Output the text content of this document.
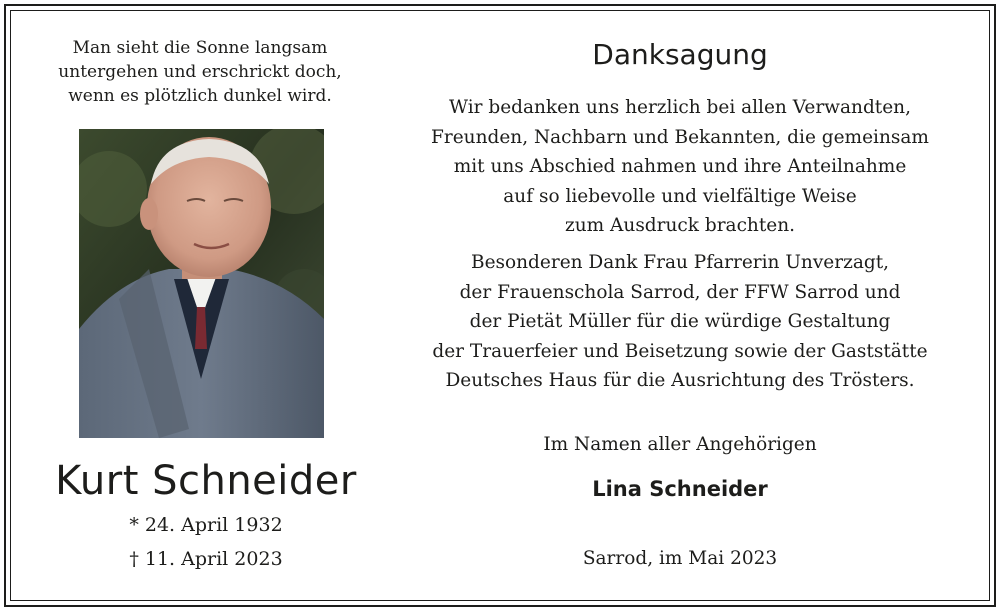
Man sieht die Sonne langsam
untergehen und erschrickt doch,
wenn es plötzlich dunkel wird.
Kurt Schneider
* 24. April 1932
† 11. April 2023
Danksagung
Wir bedanken uns herzlich bei allen Verwandten,
Freunden, Nachbarn und Bekannten, die gemeinsam
mit uns Abschied nahmen und ihre Anteilnahme
auf so liebevolle und vielfältige Weise
zum Ausdruck brachten.
Besonderen Dank Frau Pfarrerin Unverzagt,
der Frauenschola Sarrod, der FFW Sarrod und
der Pietät Müller für die würdige Gestaltung
der Trauerfeier und Beisetzung sowie der Gaststätte
Deutsches Haus für die Ausrichtung des Trösters.
Im Namen aller Angehörigen
Lina Schneider
Sarrod, im Mai 2023
